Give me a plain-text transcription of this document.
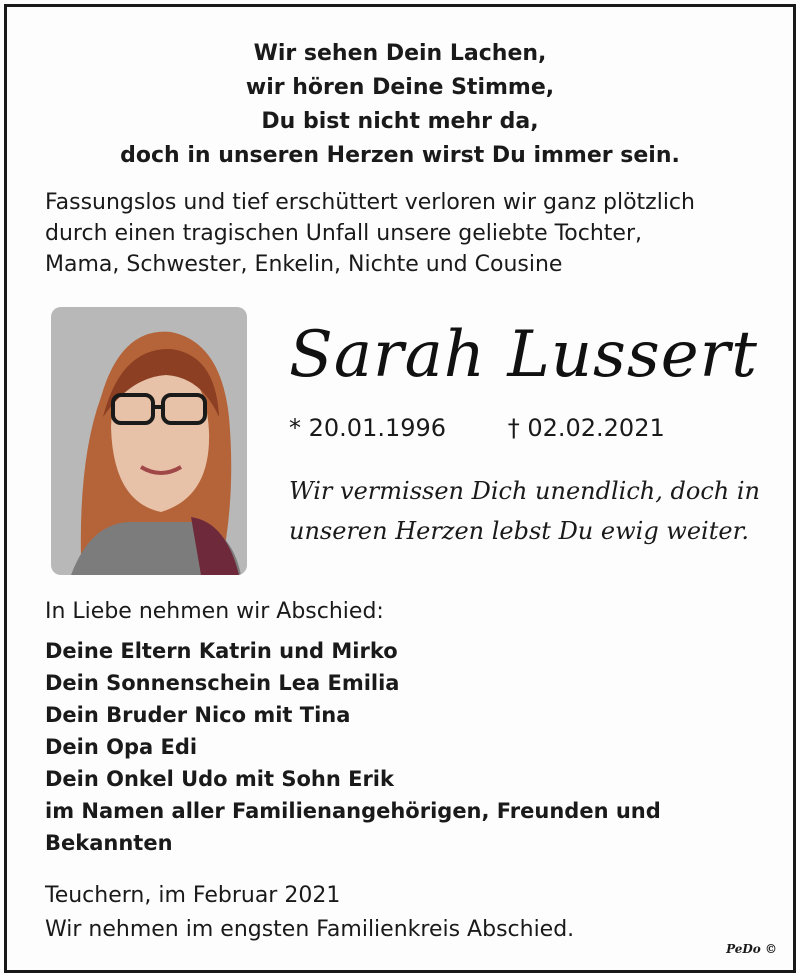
Wir sehen Dein Lachen,
wir hören Deine Stimme,
Du bist nicht mehr da,
doch in unseren Herzen wirst Du immer sein.
Fassungslos und tief erschüttert verloren wir ganz plötzlich
durch einen tragischen Unfall unsere geliebte Tochter,
Mama, Schwester, Enkelin, Nichte und Cousine
Sarah Lussert
* 20.01.1996	† 02.02.2021
Wir vermissen Dich unendlich, doch in
unseren Herzen lebst Du ewig weiter.
In Liebe nehmen wir Abschied:
Deine Eltern Katrin und Mirko
Dein Sonnenschein Lea Emilia
Dein Bruder Nico mit Tina
Dein Opa Edi
Dein Onkel Udo mit Sohn Erik
im Namen aller Familienangehörigen, Freunden und
Bekannten
Teuchern, im Februar 2021
Wir nehmen im engsten Familienkreis Abschied.
PeDo ©
